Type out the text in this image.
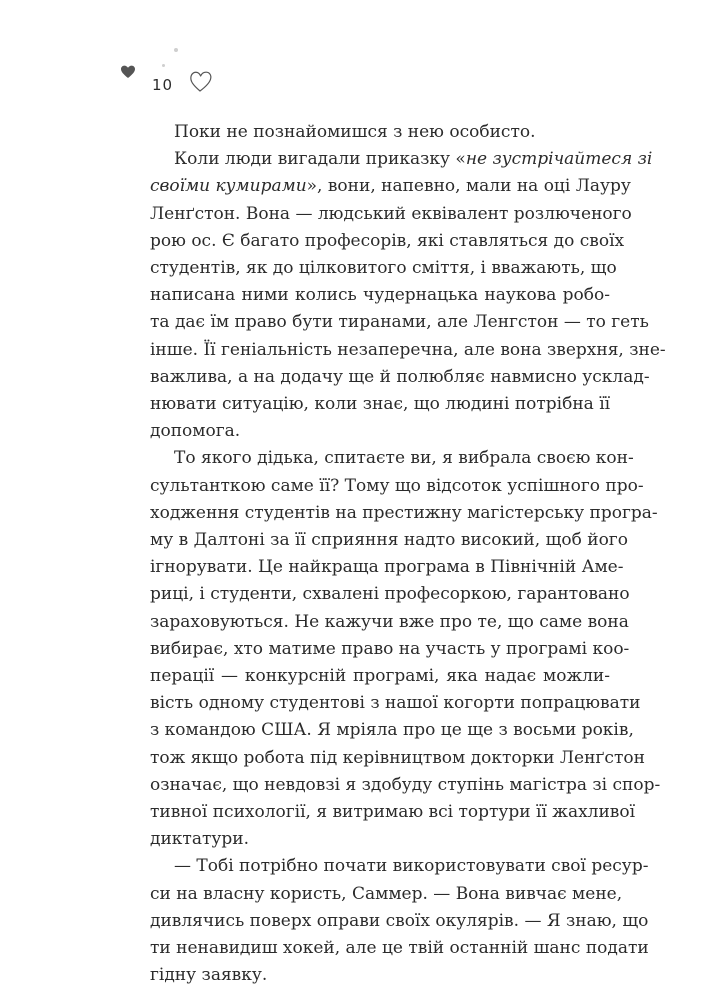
10
Поки не познайомишся з нею особисто.
Коли люди вигадали приказку «не зустрічайтеся зі
своїми кумирами», вони, напевно, мали на оці Лауру
Ленґстон. Вона — людський еквівалент розлюченого
рою ос. Є багато професорів, які ставляться до своїх
студентів, як до цілковитого сміття, і вважають, що
написана ними колись чудернацька наукова робо-
та дає їм право бути тиранами, але Ленгстон — то геть
інше. Її геніальність незаперечна, але вона зверхня, зне-
важлива, а на додачу ще й полюбляє навмисно усклад-
нювати ситуацію, коли знає, що людині потрібна її
допомога.
То якого дідька, спитаєте ви, я вибрала своєю кон-
сультанткою саме її? Тому що відсоток успішного про-
ходження студентів на престижну магістерську програ-
му в Далтоні за її сприяння надто високий, щоб його
ігнорувати. Це найкраща програма в Північній Аме-
риці, і студенти, схвалені професоркою, гарантовано
зараховуються. Не кажучи вже про те, що саме вона
вибирає, хто матиме право на участь у програмі коо-
перації — конкурсній програмі, яка надає можли-
вість одному студентові з нашої когорти попрацювати
з командою США. Я мріяла про це ще з восьми років,
тож якщо робота під керівництвом докторки Ленґстон
означає, що невдовзі я здобуду ступінь магістра зі спор-
тивної психології, я витримаю всі тортури її жахливої
диктатури.
— Тобі потрібно почати використовувати свої ресур-
си на власну користь, Саммер. — Вона вивчає мене,
дивлячись поверх оправи своїх окулярів. — Я знаю, що
ти ненавидиш хокей, але це твій останній шанс подати
гідну заявку.
